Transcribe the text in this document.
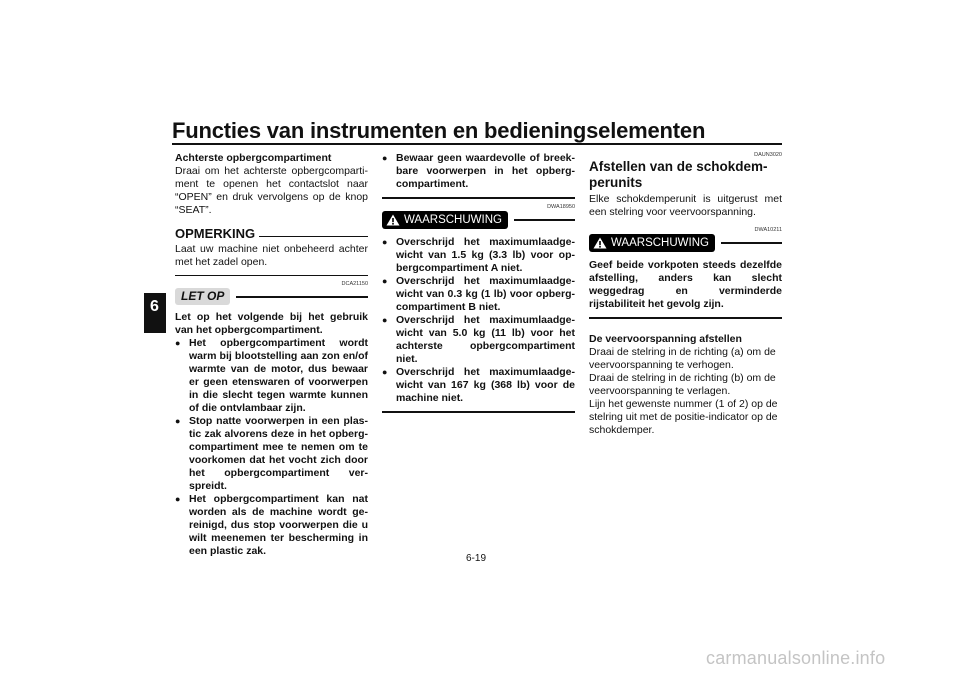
Functies van instrumenten en bedieningselementen
6

Achterste opbergcompartiment

Draai om het achterste opbergcomparti-ment te openen het contactslot naar “OPEN” en druk vervolgens op de knop “SEAT”.

OPMERKING

Laat uw machine niet onbeheerd achter met het zadel open.

DCA21150
LET OP

Let op het volgende bij het gebruik van het opbergcompartiment.

● Het opbergcompartiment wordt warm bij blootstelling aan zon en/of warmte van de motor, dus bewaar er geen etenswaren of voorwerpen in die slecht tegen warmte kunnen of die ontvlambaar zijn.
● Stop natte voorwerpen in een plas-tic zak alvorens deze in het opberg-compartiment mee te nemen om te voorkomen dat het vocht zich door het opbergcompartiment ver-spreidt.
● Het opbergcompartiment kan nat worden als de machine wordt ge-reinigd, dus stop voorwerpen die u wilt meenemen ter bescherming in een plastic zak.
● Bewaar geen waardevolle of breek-bare voorwerpen in het opberg-compartiment.
DWA18950
WAARSCHUWING
● Overschrijd het maximumlaadge-wicht van 1.5 kg (3.3 lb) voor op-bergcompartiment A niet.
● Overschrijd het maximumlaadge-wicht van 0.3 kg (1 lb) voor opberg-compartiment B niet.
● Overschrijd het maximumlaadge-wicht van 5.0 kg (11 lb) voor het achterste opbergcompartiment niet.
● Overschrijd het maximumlaadge-wicht van 167 kg (368 lb) voor de machine niet.
DAUN3020

Afstellen van de schokdem-perunits

Elke schokdemperunit is uitgerust met een stelring voor veervoorspanning.

DWA10211
WAARSCHUWING

Geef beide vorkpoten steeds dezelfde afstelling, anders kan slecht weggedrag en verminderde rijstabiliteit het gevolg zijn.

De veervoorspanning afstellen

Draai de stelring in de richting (a) om de veervoorspanning te verhogen.

Draai de stelring in de richting (b) om de veervoorspanning te verlagen.

Lijn het gewenste nummer (1 of 2) op de stelring uit met de positie-indicator op de schokdemper.

6-19
carmanualsonline.info
